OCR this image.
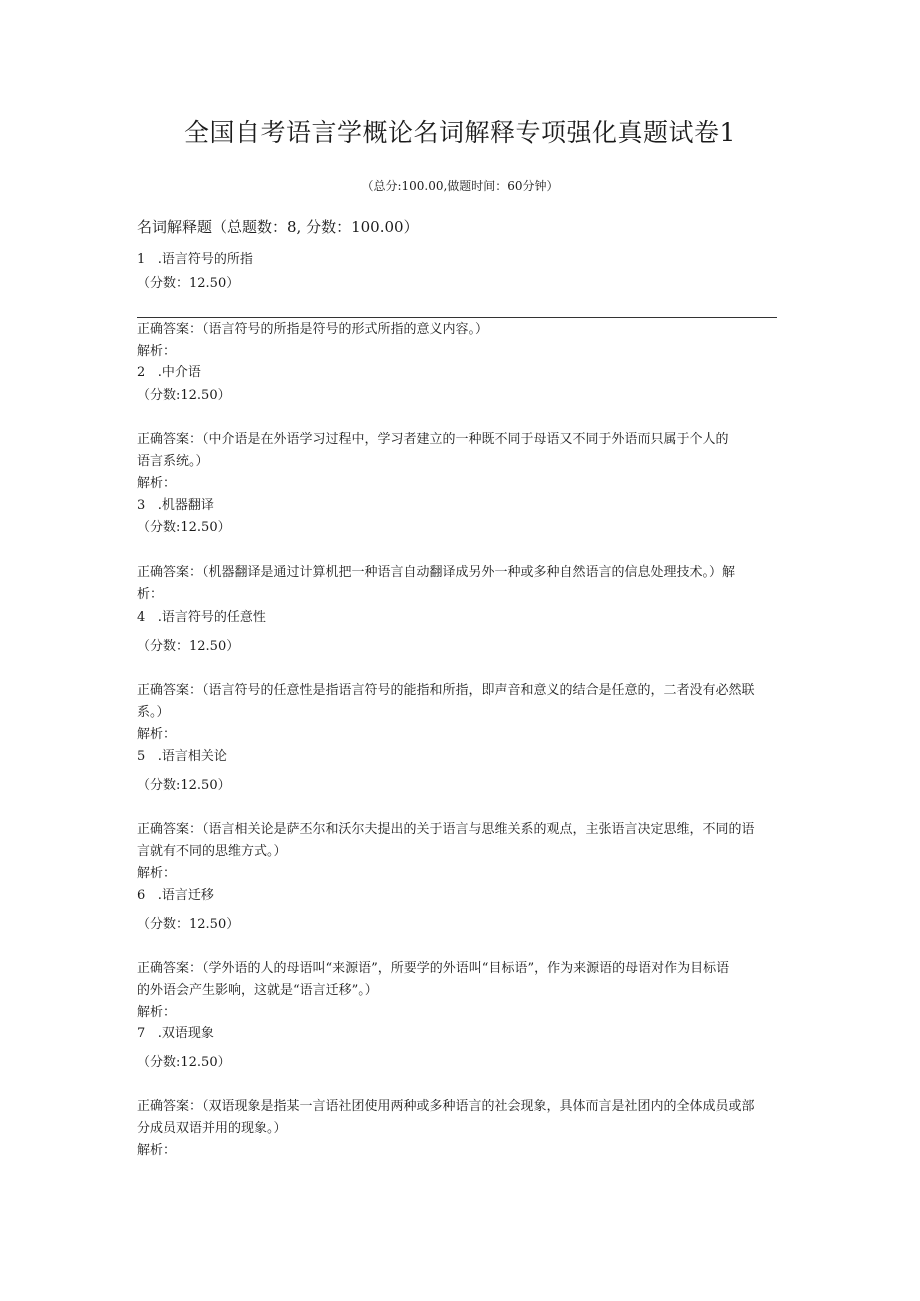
全国自考语言学概论名词解释专项强化真题试卷1
（总分:100.00,做题时间：60分钟）
名词解释题（总题数：8, 分数：100.00）
1 .语言符号的所指
（分数：12.50）
正确答案：（语言符号的所指是符号的形式所指的意义内容。）
解析：
2 .中介语
（分数:12.50）
正确答案：（中介语是在外语学习过程中，学习者建立的一种既不同于母语又不同于外语而只属于个人的
语言系统。）
解析：
3 .机器翻译
（分数:12.50）
正确答案：（机器翻译是通过计算机把一种语言自动翻译成另外一种或多种自然语言的信息处理技术。）解
析：
4 .语言符号的任意性
（分数：12.50）
正确答案：（语言符号的任意性是指语言符号的能指和所指，即声音和意义的结合是任意的，二者没有必然联
系。）
解析：
5 .语言相关论
（分数:12.50）
正确答案：（语言相关论是萨丕尔和沃尔夫提出的关于语言与思维关系的观点，主张语言决定思维，不同的语
言就有不同的思维方式。）
解析：
6 .语言迁移
（分数：12.50）
正确答案：（学外语的人的母语叫“来源语”，所要学的外语叫“目标语”，作为来源语的母语对作为目标语
的外语会产生影响，这就是“语言迁移”。）
解析：
7 .双语现象
（分数:12.50）
正确答案：（双语现象是指某一言语社团使用两种或多种语言的社会现象，具体而言是社团内的全体成员或部
分成员双语并用的现象。）
解析：
